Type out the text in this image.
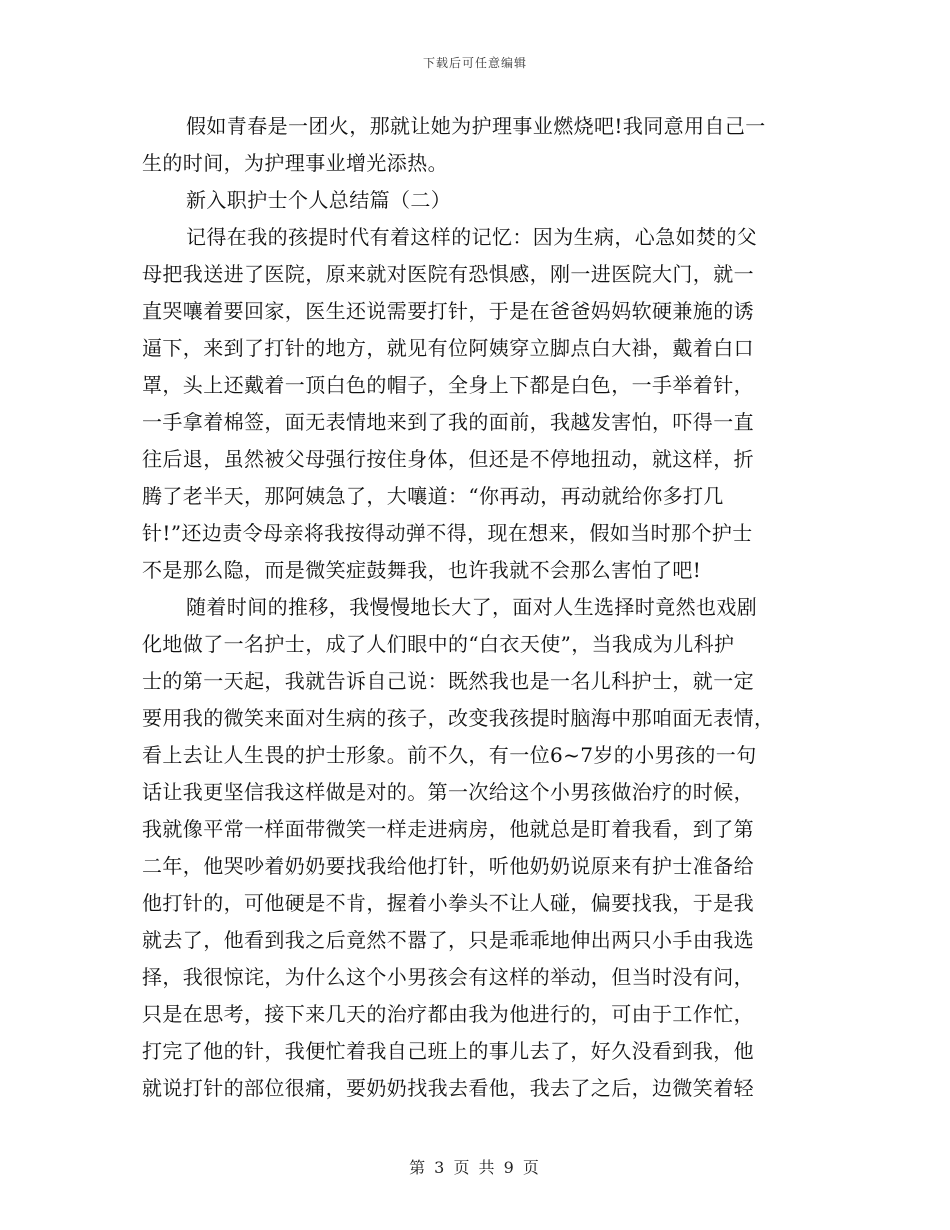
下载后可任意编辑
假如青春是一团火，那就让她为护理事业燃烧吧!我同意用自己一
生的时间，为护理事业增光添热。
新入职护士个人总结篇（二）
记得在我的孩提时代有着这样的记忆：因为生病，心急如焚的父
母把我送进了医院，原来就对医院有恐惧感，刚一进医院大门，就一
直哭嚷着要回家，医生还说需要打针，于是在爸爸妈妈软硬兼施的诱
逼下，来到了打针的地方，就见有位阿姨穿立脚点白大褂，戴着白口
罩，头上还戴着一顶白色的帽子，全身上下都是白色，一手举着针，
一手拿着棉签，面无表情地来到了我的面前，我越发害怕，吓得一直
往后退，虽然被父母强行按住身体，但还是不停地扭动，就这样，折
腾了老半天，那阿姨急了，大嚷道：“你再动，再动就给你多打几
针!”还边责令母亲将我按得动弹不得，现在想来，假如当时那个护士
不是那么隐，而是微笑症鼓舞我，也许我就不会那么害怕了吧!
随着时间的推移，我慢慢地长大了，面对人生选择时竟然也戏剧
化地做了一名护士，成了人们眼中的“白衣天使”，当我成为儿科护
士的第一天起，我就告诉自己说：既然我也是一名儿科护士，就一定
要用我的微笑来面对生病的孩子，改变我孩提时脑海中那咱面无表情，
看上去让人生畏的护士形象。前不久，有一位6~7岁的小男孩的一句
话让我更坚信我这样做是对的。第一次给这个小男孩做治疗的时候，
我就像平常一样面带微笑一样走进病房，他就总是盯着我看，到了第
二年，他哭吵着奶奶要找我给他打针，听他奶奶说原来有护士准备给
他打针的，可他硬是不肯，握着小拳头不让人碰，偏要找我，于是我
就去了，他看到我之后竟然不嚣了，只是乖乖地伸出两只小手由我选
择，我很惊诧，为什么这个小男孩会有这样的举动，但当时没有问，
只是在思考，接下来几天的治疗都由我为他进行的，可由于工作忙，
打完了他的针，我便忙着我自己班上的事儿去了，好久没看到我，他
就说打针的部位很痛，要奶奶找我去看他，我去了之后，边微笑着轻
第 3 页 共 9 页
